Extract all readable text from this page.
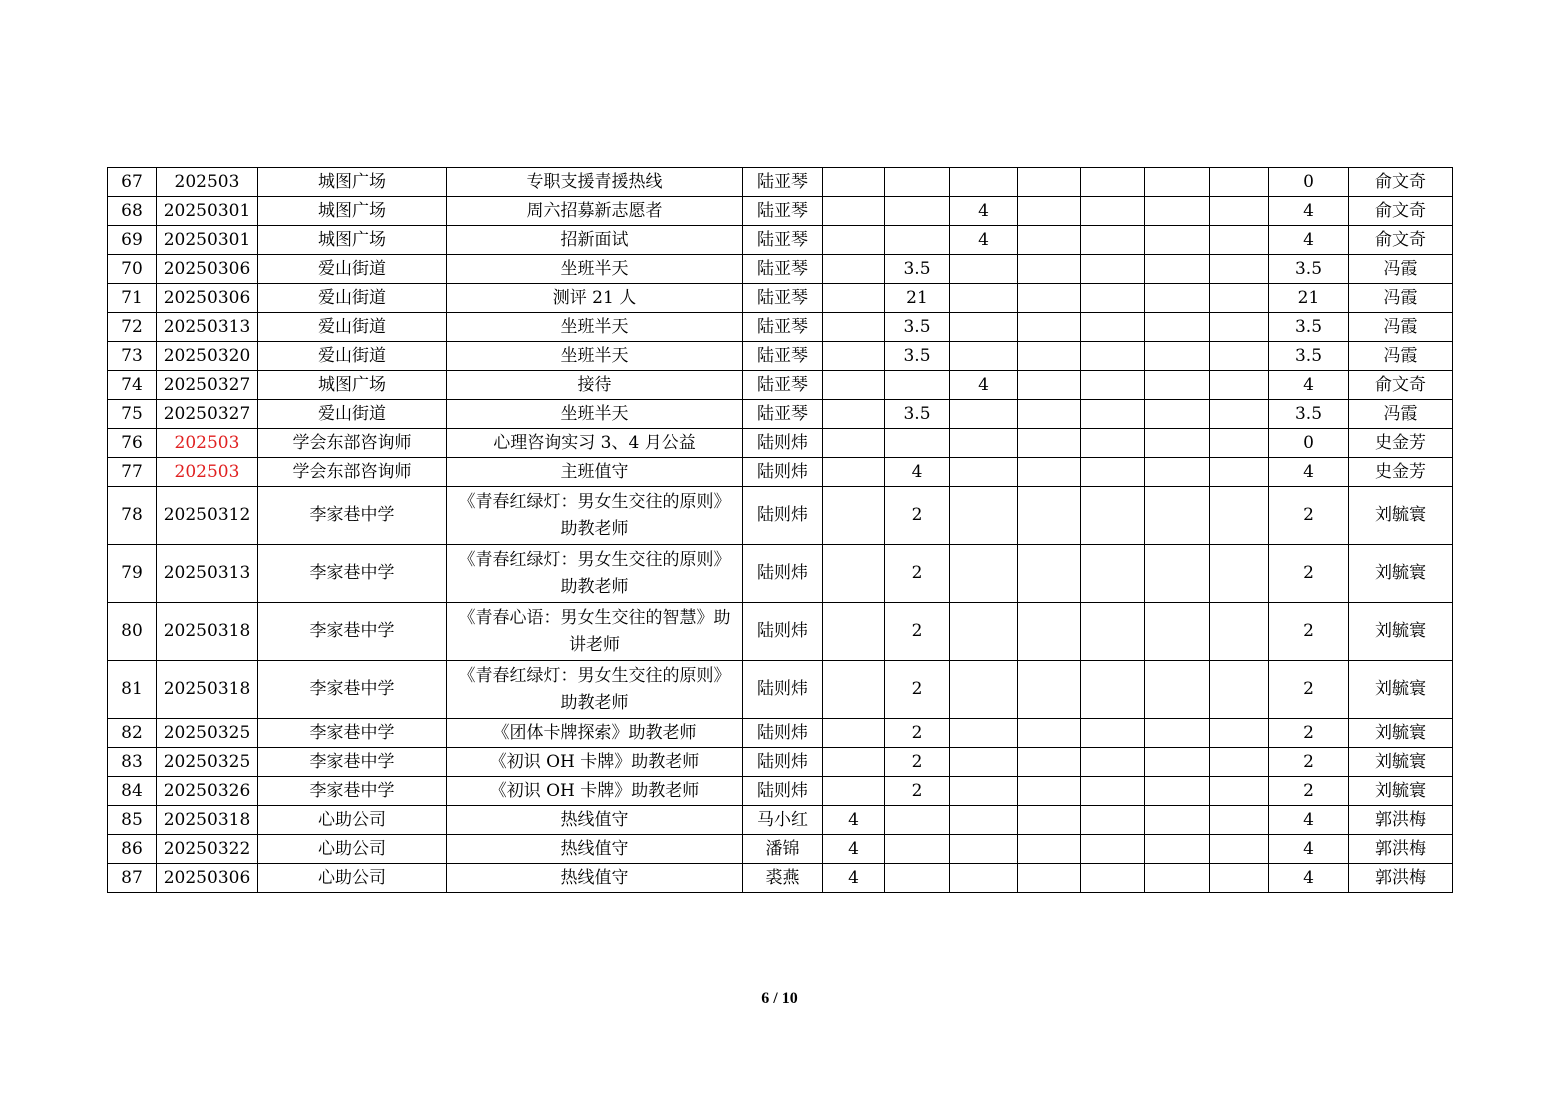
67	202503	城图广场	专职支援青援热线	陆亚琴								0	俞文奇
68	20250301	城图广场	周六招募新志愿者	陆亚琴			4					4	俞文奇
69	20250301	城图广场	招新面试	陆亚琴			4					4	俞文奇
70	20250306	爱山街道	坐班半天	陆亚琴		3.5						3.5	冯霞
71	20250306	爱山街道	测评 21 人	陆亚琴		21						21	冯霞
72	20250313	爱山街道	坐班半天	陆亚琴		3.5						3.5	冯霞
73	20250320	爱山街道	坐班半天	陆亚琴		3.5						3.5	冯霞
74	20250327	城图广场	接待	陆亚琴			4					4	俞文奇
75	20250327	爱山街道	坐班半天	陆亚琴		3.5						3.5	冯霞
76	202503	学会东部咨询师	心理咨询实习 3、4 月公益	陆则炜								0	史金芳
77	202503	学会东部咨询师	主班值守	陆则炜		4						4	史金芳
78	20250312	李家巷中学	《青春红绿灯：男女生交往的原则》助教老师	陆则炜		2						2	刘毓寰
79	20250313	李家巷中学	《青春红绿灯：男女生交往的原则》助教老师	陆则炜		2						2	刘毓寰
80	20250318	李家巷中学	《青春心语：男女生交往的智慧》助讲老师	陆则炜		2						2	刘毓寰
81	20250318	李家巷中学	《青春红绿灯：男女生交往的原则》助教老师	陆则炜		2						2	刘毓寰
82	20250325	李家巷中学	《团体卡牌探索》助教老师	陆则炜		2						2	刘毓寰
83	20250325	李家巷中学	《初识 OH 卡牌》助教老师	陆则炜		2						2	刘毓寰
84	20250326	李家巷中学	《初识 OH 卡牌》助教老师	陆则炜		2						2	刘毓寰
85	20250318	心助公司	热线值守	马小红	4							4	郭洪梅
86	20250322	心助公司	热线值守	潘锦	4							4	郭洪梅
87	20250306	心助公司	热线值守	裘燕	4							4	郭洪梅
6 / 10
